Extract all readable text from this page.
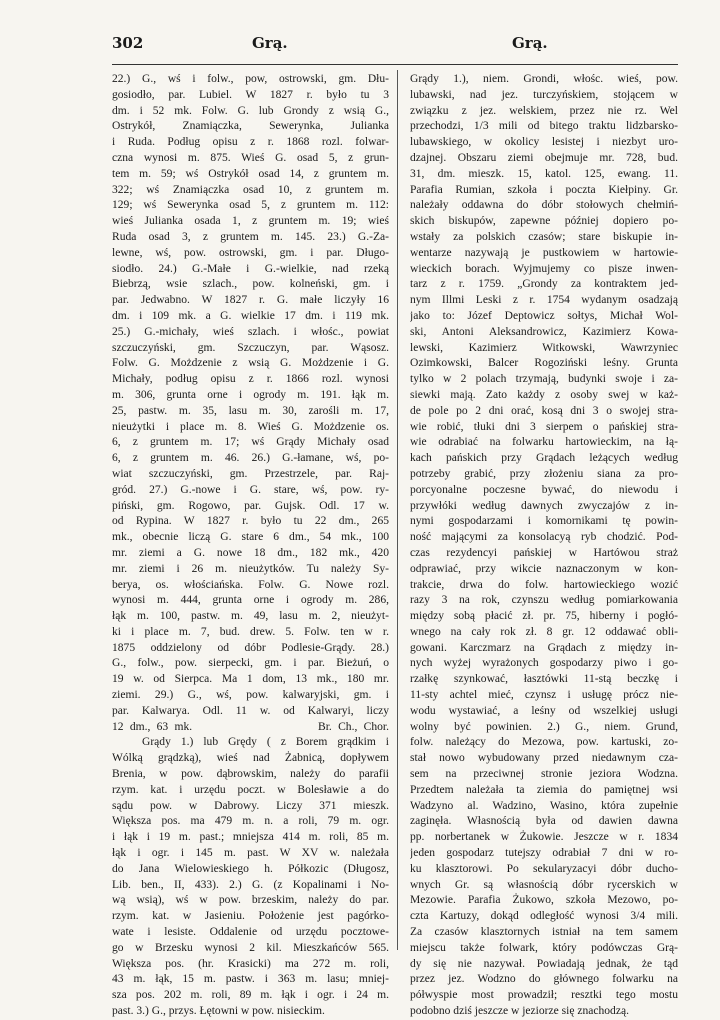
302	Grą.	Grą.
22.) G., wś i folw., pow, ostrowski, gm. Dłu-
gosiodło, par. Lubiel. W 1827 r. było tu 3
dm. i 52 mk. Folw. G. lub Grondy z wsią G.,
Ostrykół, Znamiączka, Sewerynka, Julianka
i Ruda. Podług opisu z r. 1868 rozl. folwar-
czna wynosi m. 875. Wieś G. osad 5, z grun-
tem m. 59; wś Ostrykół osad 14, z gruntem m.
322; wś Znamiączka osad 10, z gruntem m.
129; wś Sewerynka osad 5, z gruntem m. 112:
wieś Julianka osada 1, z gruntem m. 19; wieś
Ruda osad 3, z gruntem m. 145. 23.) G.-Za-
lewne, wś, pow. ostrowski, gm. i par. Długo-
siodło. 24.) G.-Małe i G.-wielkie, nad rzeką
Biebrzą, wsie szlach., pow. kolneński, gm. i
par. Jedwabno. W 1827 r. G. małe liczyły 16
dm. i 109 mk. a G. wielkie 17 dm. i 119 mk.
25.) G.-michały, wieś szlach. i włośc., powiat
szczuczyński, gm. Szczuczyn, par. Wąsosz.
Folw. G. Możdzenie z wsią G. Możdzenie i G.
Michały, podług opisu z r. 1866 rozl. wynosi
m. 306, grunta orne i ogrody m. 191. łąk m.
25, pastw. m. 35, lasu m. 30, zarośli m. 17,
nieużytki i place m. 8. Wieś G. Możdzenie os.
6, z gruntem m. 17; wś Grądy Michały osad
6, z gruntem m. 46. 26.) G.-łamane, wś, po-
wiat szczuczyński, gm. Przestrzele, par. Raj-
gród. 27.) G.-nowe i G. stare, wś, pow. ry-
piński, gm. Rogowo, par. Gujsk. Odl. 17 w.
od Rypina. W 1827 r. było tu 22 dm., 265
mk., obecnie liczą G. stare 6 dm., 54 mk., 100
mr. ziemi a G. nowe 18 dm., 182 mk., 420
mr. ziemi i 26 m. nieużytków. Tu należy Sy-
berya, os. włościańska. Folw. G. Nowe rozl.
wynosi m. 444, grunta orne i ogrody m. 286,
łąk m. 100, pastw. m. 49, lasu m. 2, nieużyt-
ki i place m. 7, bud. drew. 5. Folw. ten w r.
1875 oddzielony od dóbr Podlesie-Grądy. 28.)
G., folw., pow. sierpecki, gm. i par. Bieżuń, o
19 w. od Sierpca. Ma 1 dom, 13 mk., 180 mr.
ziemi. 29.) G., wś, pow. kalwaryjski, gm. i
par. Kalwarya. Odl. 11 w. od Kalwaryi, liczy
12 dm., 63 mk.                    Br. Ch., Chor.
Grądy 1.) lub Grędy ( z Borem grądkim i
Wólką grądzką), wieś nad Żabnicą, dopływem
Brenia, w pow. dąbrowskim, należy do parafii
rzym. kat. i urzędu poczt. w Bolesławie a do
sądu pow. w Dabrowy. Liczy 371 mieszk.
Większa pos. ma 479 m. n. a roli, 79 m. ogr.
i łąk i 19 m. past.; mniejsza 414 m. roli, 85 m.
łąk i ogr. i 145 m. past. W XV w. należała
do Jana Wielowieskiego h. Półkozic (Długosz,
Lib. ben., II, 433). 2.) G. (z Kopalinami i No-
wą wsią), wś w pow. brzeskim, należy do par.
rzym. kat. w Jasieniu. Położenie jest pagórko-
wate i lesiste. Oddalenie od urzędu pocztowe-
go w Brzesku wynosi 2 kil. Mieszkańców 565.
Większa pos. (hr. Krasicki) ma 272 m. roli,
43 m. łąk, 15 m. pastw. i 363 m. lasu; mniej-
sza pos. 202 m. roli, 89 m. łąk i ogr. i 24 m.
past. 3.) G., przys. Łętowni w pow. nisieckim.
Grądy 1.), niem. Grondi, włośc. wieś, pow.
lubawski, nad jez. turczyńskiem, stojącem w
związku z jez. welskiem, przez nie rz. Wel
przechodzi, 1/3 mili od bitego traktu lidzbarsko-
lubawskiego, w okolicy lesistej i niezbyt uro-
dzajnej. Obszaru ziemi obejmuje mr. 728, bud.
31, dm. mieszk. 15, katol. 125, ewang. 11.
Parafia Rumian, szkoła i poczta Kiełpiny. Gr.
należały oddawna do dóbr stołowych chełmiń-
skich biskupów, zapewne później dopiero po-
wstały za polskich czasów; stare biskupie in-
wentarze nazywają je pustkowiem w hartowie-
wieckich borach. Wyjmujemy co pisze inwen-
tarz z r. 1759. „Grondy za kontraktem jed-
nym Illmi Leski z r. 1754 wydanym osadzają
jako to: Józef Deptowicz sołtys, Michał Wol-
ski, Antoni Aleksandrowicz, Kazimierz Kowa-
lewski, Kazimierz Witkowski, Wawrzyniec
Ozimkowski, Balcer Rogoziński leśny. Grunta
tylko w 2 polach trzymają, budynki swoje i za-
siewki mają. Zato każdy z osoby swej w każ-
de pole po 2 dni orać, kosą dni 3 o swojej stra-
wie robić, tłuki dni 3 sierpem o pańskiej stra-
wie odrabiać na folwarku hartowieckim, na łą-
kach pańskich przy Grądach leżących według
potrzeby grabić, przy złożeniu siana za pro-
porcyonalne poczesne bywać, do niewodu i
przywłóki według dawnych zwyczajów z in-
nymi gospodarzami i komornikami tę powin-
ność mającymi za konsolacyą ryb chodzić. Pod-
czas rezydencyi pańskiej w Hartówou straż
odprawiać, przy wikcie naznaczonym w kon-
trakcie, drwa do folw. hartowieckiego wozić
razy 3 na rok, czynszu według pomiarkowania
między sobą płacić zł. pr. 75, hiberny i pogłó-
wnego na cały rok zł. 8 gr. 12 oddawać obli-
gowani. Karczmarz na Grądach z między in-
nych wyżej wyrażonych gospodarzy piwo i go-
rzałkę szynkować, łasztówki 11-stą beczkę i
11-sty achtel mieć, czynsz i usługę prócz nie-
wodu wystawiać, a leśny od wszelkiej usługi
wolny być powinien. 2.) G., niem. Grund,
folw. należący do Mezowa, pow. kartuski, zo-
stał nowo wybudowany przed niedawnym cza-
sem na przeciwnej stronie jeziora Wodzna.
Przedtem należała ta ziemia do pamiętnej wsi
Wadzyno al. Wadzino, Wasino, która zupełnie
zaginęła. Własnością była od dawien dawna
pp. norbertanek w Żukowie. Jeszcze w r. 1834
jeden gospodarz tutejszy odrabiał 7 dni w ro-
ku klasztorowi. Po sekularyzacyi dóbr ducho-
wnych Gr. są własnością dóbr rycerskich w
Mezowie. Parafia Żukowo, szkoła Mezowo, po-
czta Kartuzy, dokąd odległość wynosi 3/4 mili.
Za czasów klasztornych istniał na tem samem
miejscu także folwark, który podówczas Grą-
dy się nie nazywał. Powiadają jednak, że tąd
przez jez. Wodzno do głównego folwarku na
półwyspie most prowadził; resztki tego mostu
podobno dziś jeszcze w jeziorze się znachodzą.
